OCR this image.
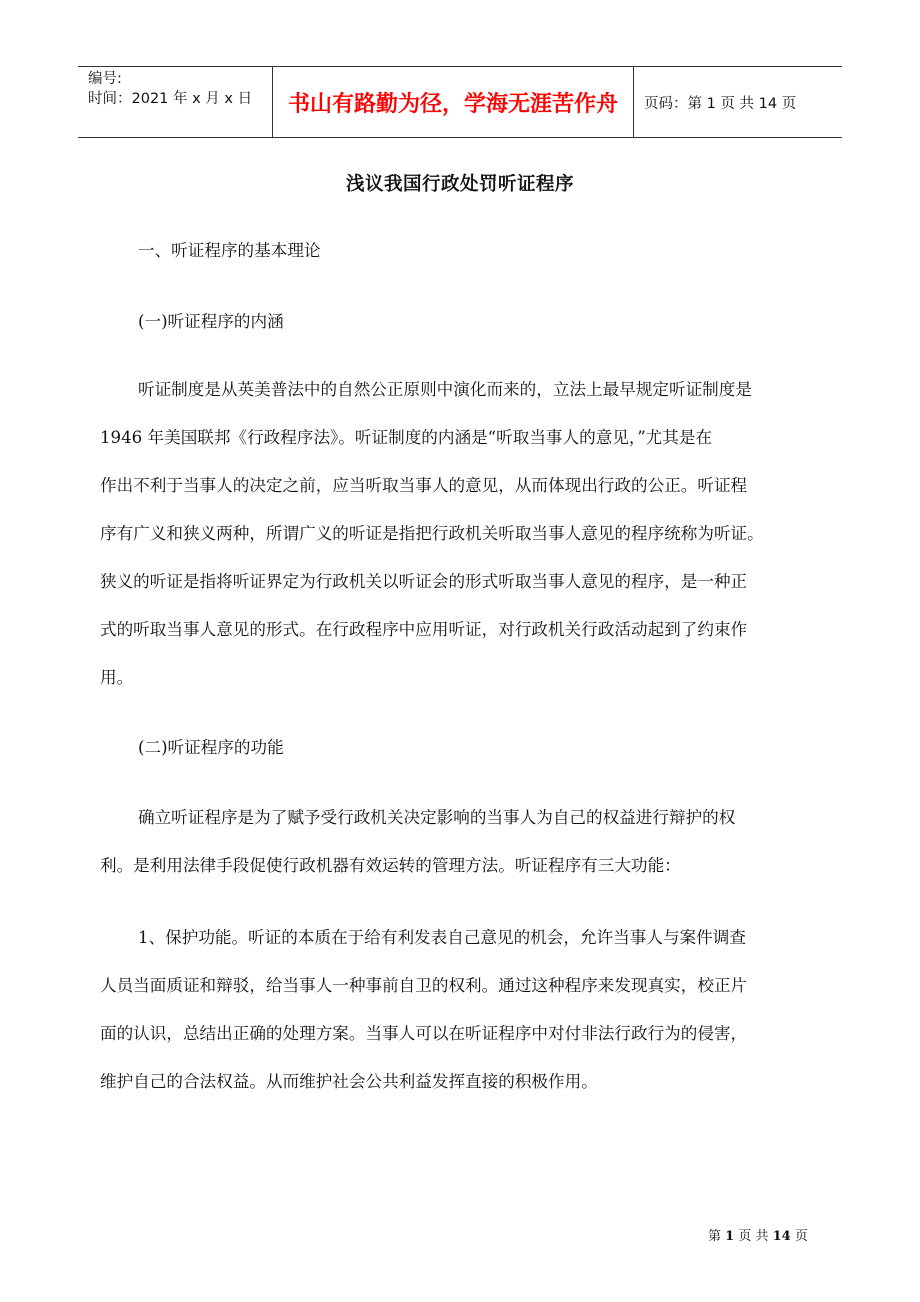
编号:
时间：2021 年 x 月 x 日	书山有路勤为径，学海无涯苦作舟	页码：第 1 页 共 14 页
浅议我国行政处罚听证程序
一、听证程序的基本理论
(一)听证程序的内涵
听证制度是从英美普法中的自然公正原则中演化而来的，立法上最早规定听证制度是
1946 年美国联邦《行政程序法》。听证制度的内涵是“听取当事人的意见，”尤其是在
作出不利于当事人的决定之前，应当听取当事人的意见，从而体现出行政的公正。听证程
序有广义和狭义两种，所谓广义的听证是指把行政机关听取当事人意见的程序统称为听证。
狭义的听证是指将听证界定为行政机关以听证会的形式听取当事人意见的程序，是一种正
式的听取当事人意见的形式。在行政程序中应用听证，对行政机关行政活动起到了约束作
用。
(二)听证程序的功能
确立听证程序是为了赋予受行政机关决定影响的当事人为自己的权益进行辩护的权
利。是利用法律手段促使行政机器有效运转的管理方法。听证程序有三大功能：
1、保护功能。听证的本质在于给有利发表自己意见的机会，允许当事人与案件调查
人员当面质证和辩驳，给当事人一种事前自卫的权利。通过这种程序来发现真实，校正片
面的认识，总结出正确的处理方案。当事人可以在听证程序中对付非法行政行为的侵害，
维护自己的合法权益。从而维护社会公共利益发挥直接的积极作用。
第 1 页 共 14 页
